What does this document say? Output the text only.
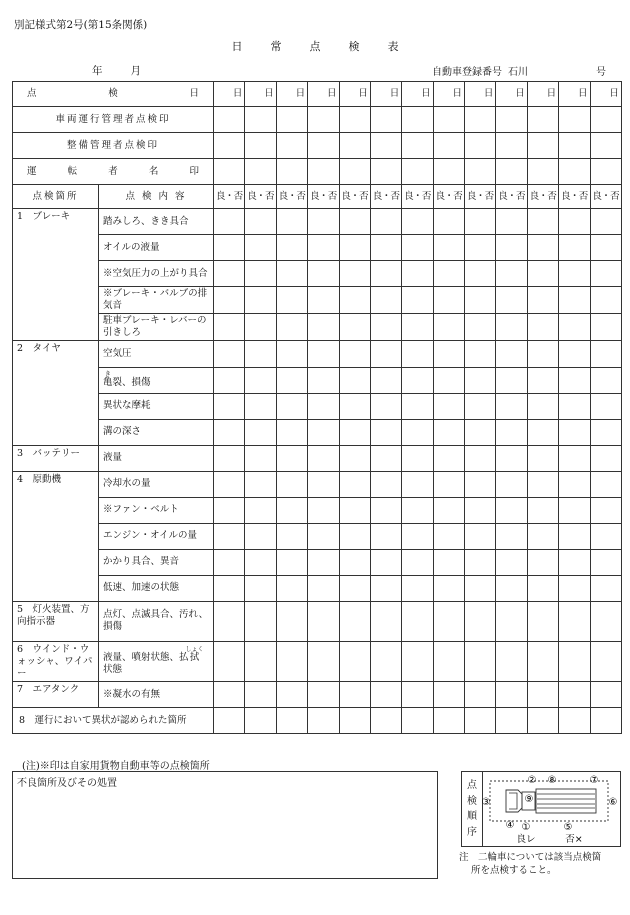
別記様式第2号(第15条関係)
日	常	点	検	表
年	月	自動車登録番号 石川	号
点 検 日		日	日	日	日	日	日	日	日	日	日	日	日	日
車両運行管理者点検印														
整備管理者点検印														

運 転 者 名 印														

点検箇所	点 検 内 容	良・否	良・否	良・否	良・否	良・否	良・否	良・否	良・否	良・否	良・否	良・否	良・否	良・否
1　ブレーキ	踏みしろ、きき具合													
	オイルの液量													
	※空気圧力の上がり具合													
	※ブレーキ・バルブの排気音													
	駐車ブレーキ・レバーの引きしろ													
2　タイヤ	空気圧													
	亀き裂、損傷													
	異状な摩耗													
	溝の深さ													
3　バッテリー	液量													
4　原動機	冷却水の量													
	※ファン・ベルト													
	エンジン・オイルの量													
	かかり具合、異音													
	低速、加速の状態													
5　灯火装置、方向指示器	点灯、点滅具合、汚れ、損傷													
6　ウインド・ウォッシャ、ワイパー	液量、噴射状態、払拭しょく状態													
7　エアタンク	※凝水の有無													
8　運行において異状が認められた箇所														
(注)※印は自家用貨物自動車等の点検箇所
不良箇所及びその処置	点
検
順
序	①
②
③
④	⑤
⑥
⑦
⑧
⑨
良レ	否×
注　二輪車については該当点検箇
所を点検すること。
